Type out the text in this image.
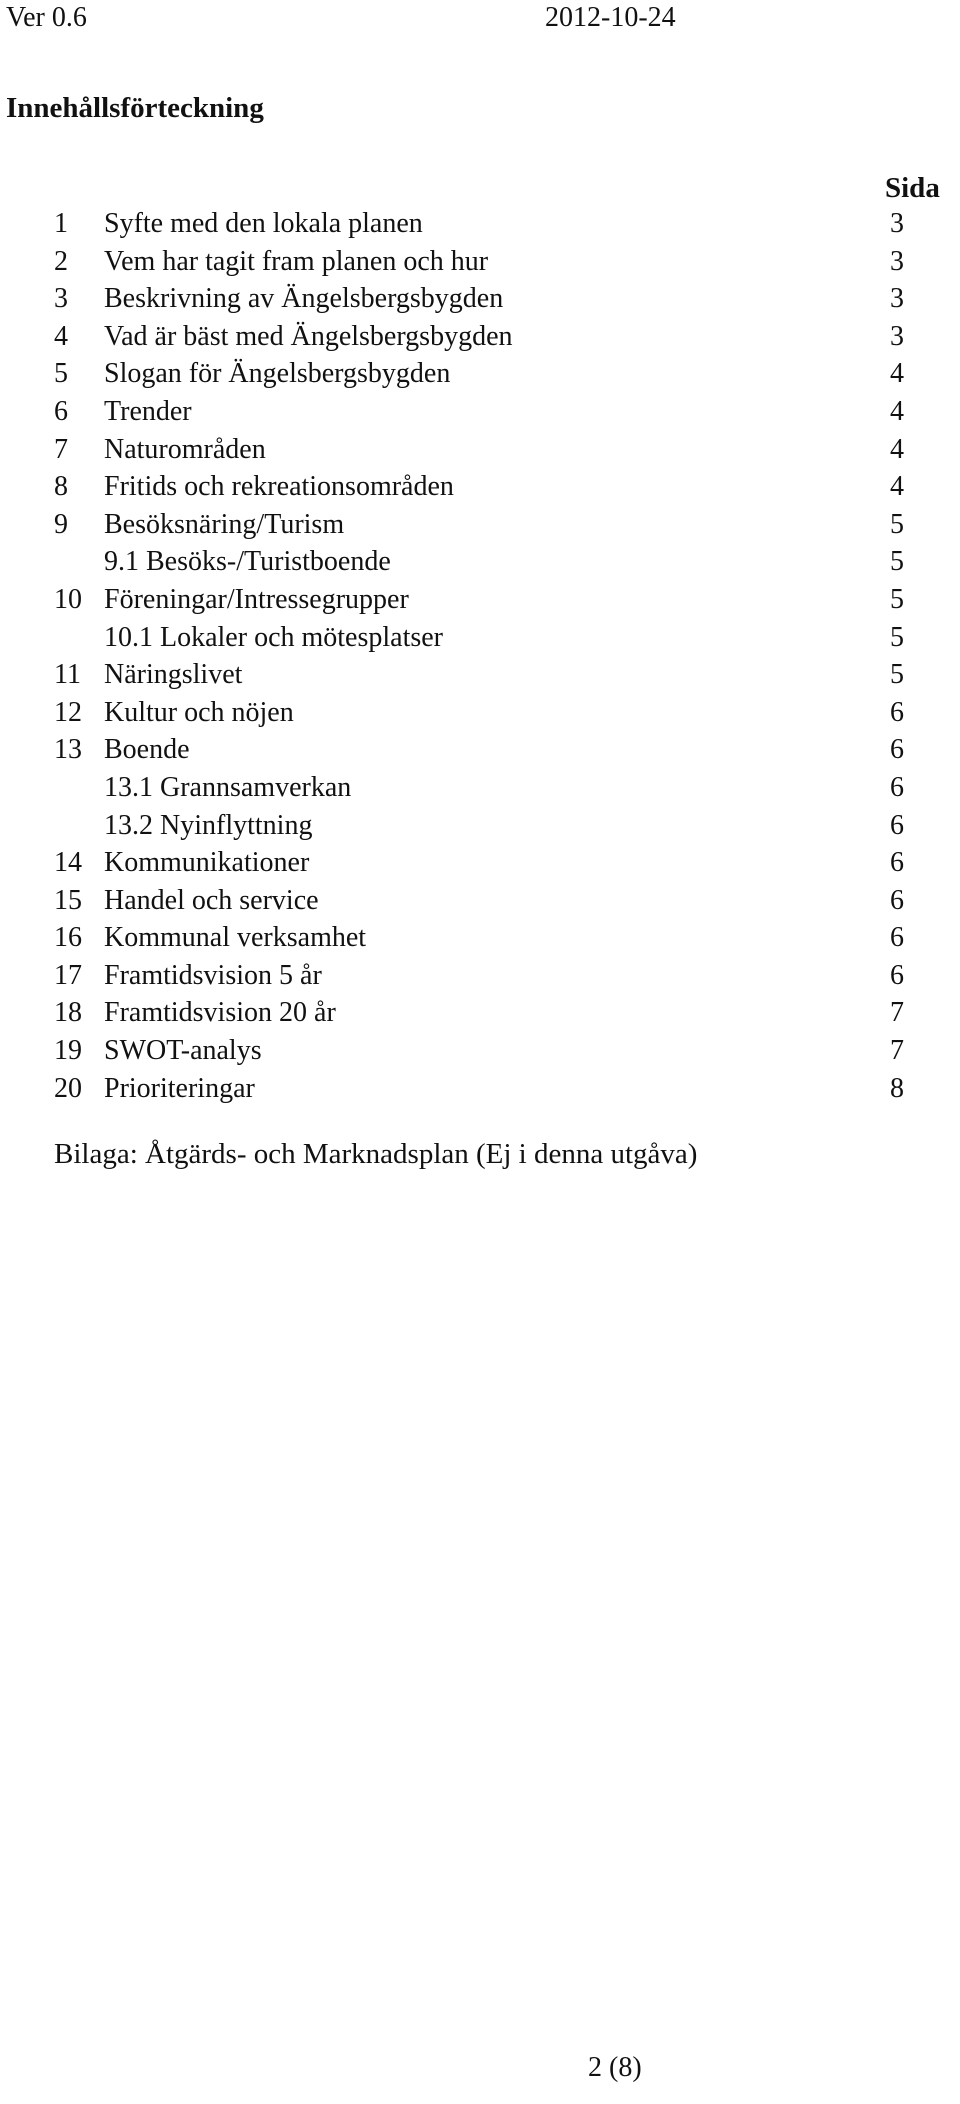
Ver 0.6	2012-10-24
Innehållsförteckning
Sida
1	Syfte med den lokala planen	3
2	Vem har tagit fram planen och hur	3
3	Beskrivning av Ängelsbergsbygden	3
4	Vad är bäst med Ängelsbergsbygden	3
5	Slogan för Ängelsbergsbygden	4
6	Trender	4
7	Naturområden	4
8	Fritids och rekreationsområden	4
9	Besöksnäring/Turism	5
9.1 Besöks-/Turistboende	5
10 Föreningar/Intressegrupper	5
10.1 Lokaler och mötesplatser	5
11 Näringslivet	5
12 Kultur och nöjen	6
13 Boende	6
13.1 Grannsamverkan	6
13.2 Nyinflyttning	6
14 Kommunikationer	6
15 Handel och service	6
16 Kommunal verksamhet	6
17 Framtidsvision 5 år	6
18 Framtidsvision 20 år	7
19 SWOT-analys	7
20 Prioriteringar	8
Bilaga: Åtgärds- och Marknadsplan (Ej i denna utgåva)
2 (8)
